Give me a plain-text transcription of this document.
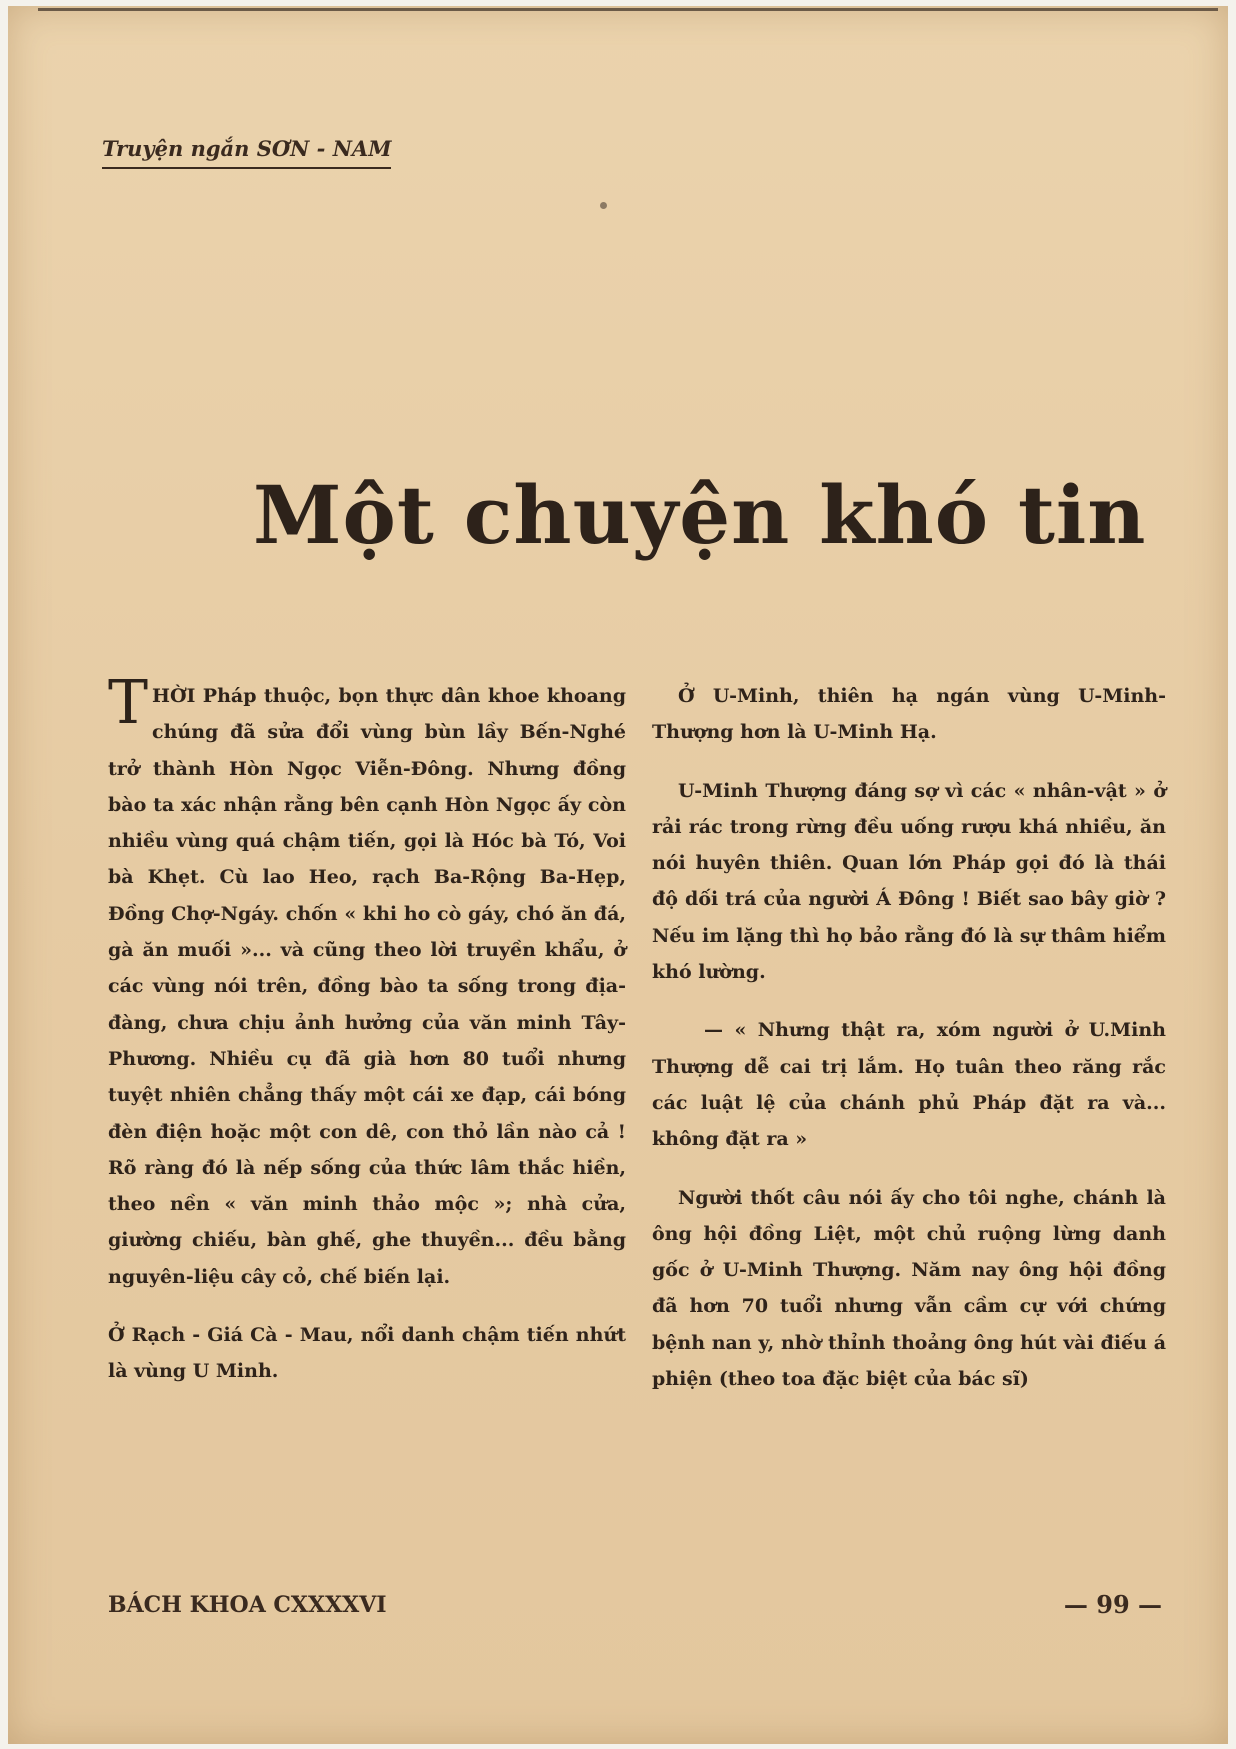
Truyện ngắn SƠN - NAM
Một chuyện khó tin

THỜI Pháp thuộc, bọn thực dân khoe khoang chúng đã sửa đổi vùng bùn lầy Bến-Nghé trở thành Hòn Ngọc Viễn-Đông. Nhưng đồng bào ta xác nhận rằng bên cạnh Hòn Ngọc ấy còn nhiều vùng quá chậm tiến, gọi là Hóc bà Tó, Voi bà Khẹt. Cù lao Heo, rạch Ba-Rộng Ba-Hẹp, Đồng Chợ-Ngáy. chốn « khi ho cò gáy, chó ăn đá, gà ăn muối »... và cũng theo lời truyền khẩu, ở các vùng nói trên, đồng bào ta sống trong địa-đàng, chưa chịu ảnh hưởng của văn minh Tây-Phương. Nhiều cụ đã già hơn 80 tuổi nhưng tuyệt nhiên chẳng thấy một cái xe đạp, cái bóng đèn điện hoặc một con dê, con thỏ lần nào cả ! Rõ ràng đó là nếp sống của thức lâm thắc hiền, theo nền « văn minh thảo mộc »; nhà cửa, giường chiếu, bàn ghế, ghe thuyền... đều bằng nguyên-liệu cây cỏ, chế biến lại.

Ở Rạch - Giá Cà - Mau, nổi danh chậm tiến nhứt là vùng U Minh.

Ở U-Minh, thiên hạ ngán vùng U-Minh-Thượng hơn là U-Minh Hạ.

U-Minh Thượng đáng sợ vì các « nhân-vật » ở rải rác trong rừng đều uống rượu khá nhiều, ăn nói huyên thiên. Quan lớn Pháp gọi đó là thái độ dối trá của người Á Đông ! Biết sao bây giờ ? Nếu im lặng thì họ bảo rằng đó là sự thâm hiểm khó lường.

— « Nhưng thật ra, xóm người ở U.Minh Thượng dễ cai trị lắm. Họ tuân theo răng rắc các luật lệ của chánh phủ Pháp đặt ra và... không đặt ra »

Người thốt câu nói ấy cho tôi nghe, chánh là ông hội đồng Liệt, một chủ ruộng lừng danh gốc ở U-Minh Thượng. Năm nay ông hội đồng đã hơn 70 tuổi nhưng vẫn cầm cự với chứng bệnh nan y, nhờ thỉnh thoảng ông hút vài điếu á phiện (theo toa đặc biệt của bác sĩ)

BÁCH KHOA CXXXXVI	— 99 —
